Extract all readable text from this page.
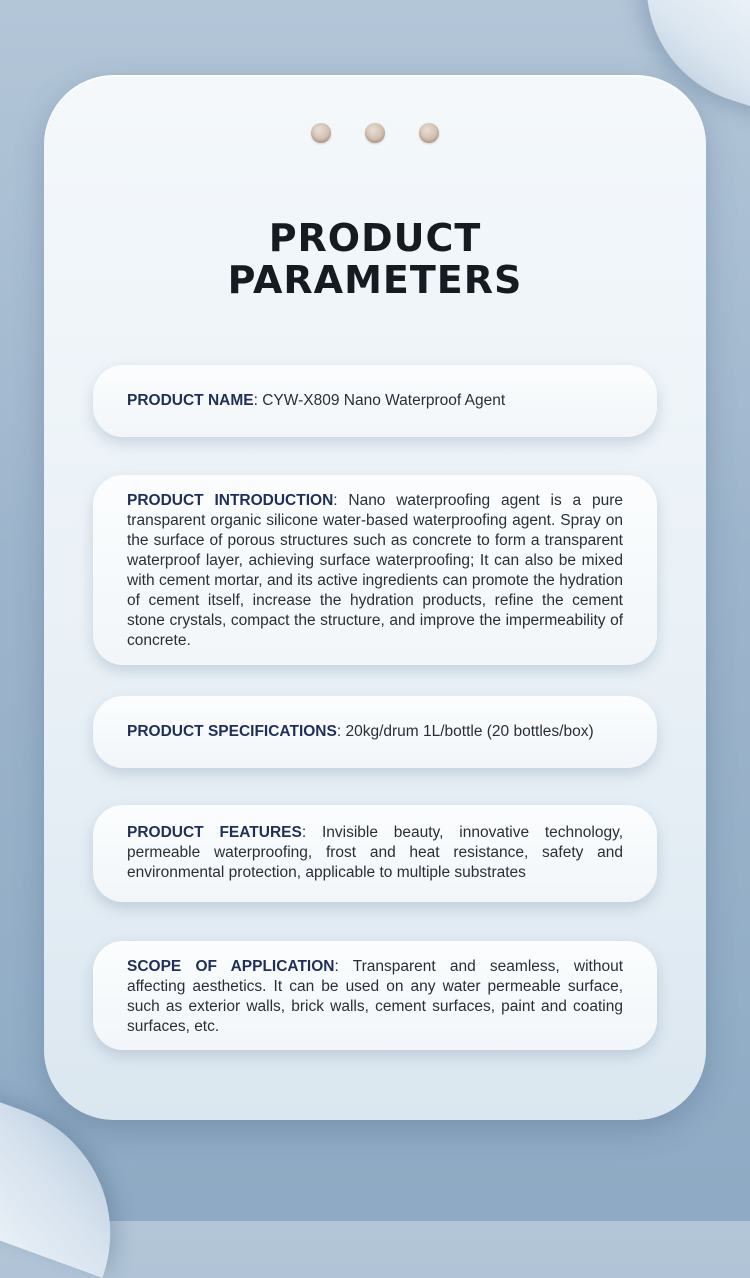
PRODUCT
PARAMETERS
PRODUCT NAME: CYW-X809 Nano Waterproof Agent
PRODUCT INTRODUCTION: Nano waterproofing agent is a pure transparent organic silicone water-based waterproofing agent. Spray on the surface of porous structures such as concrete to form a transparent waterproof layer, achieving surface waterproofing; It can also be mixed with cement mortar, and its active ingredients can promote the hydration of cement itself, increase the hydration products, refine the cement stone crystals, compact the structure, and improve the impermeability of concrete.
PRODUCT SPECIFICATIONS: 20kg/drum 1L/bottle (20 bottles/box)
PRODUCT FEATURES: Invisible beauty, innovative technology, permeable waterproofing, frost and heat resistance, safety and environmental protection, applicable to multiple substrates
SCOPE OF APPLICATION: Transparent and seamless, without affecting aesthetics. It can be used on any water permeable surface, such as exterior walls, brick walls, cement surfaces, paint and coating surfaces, etc.
